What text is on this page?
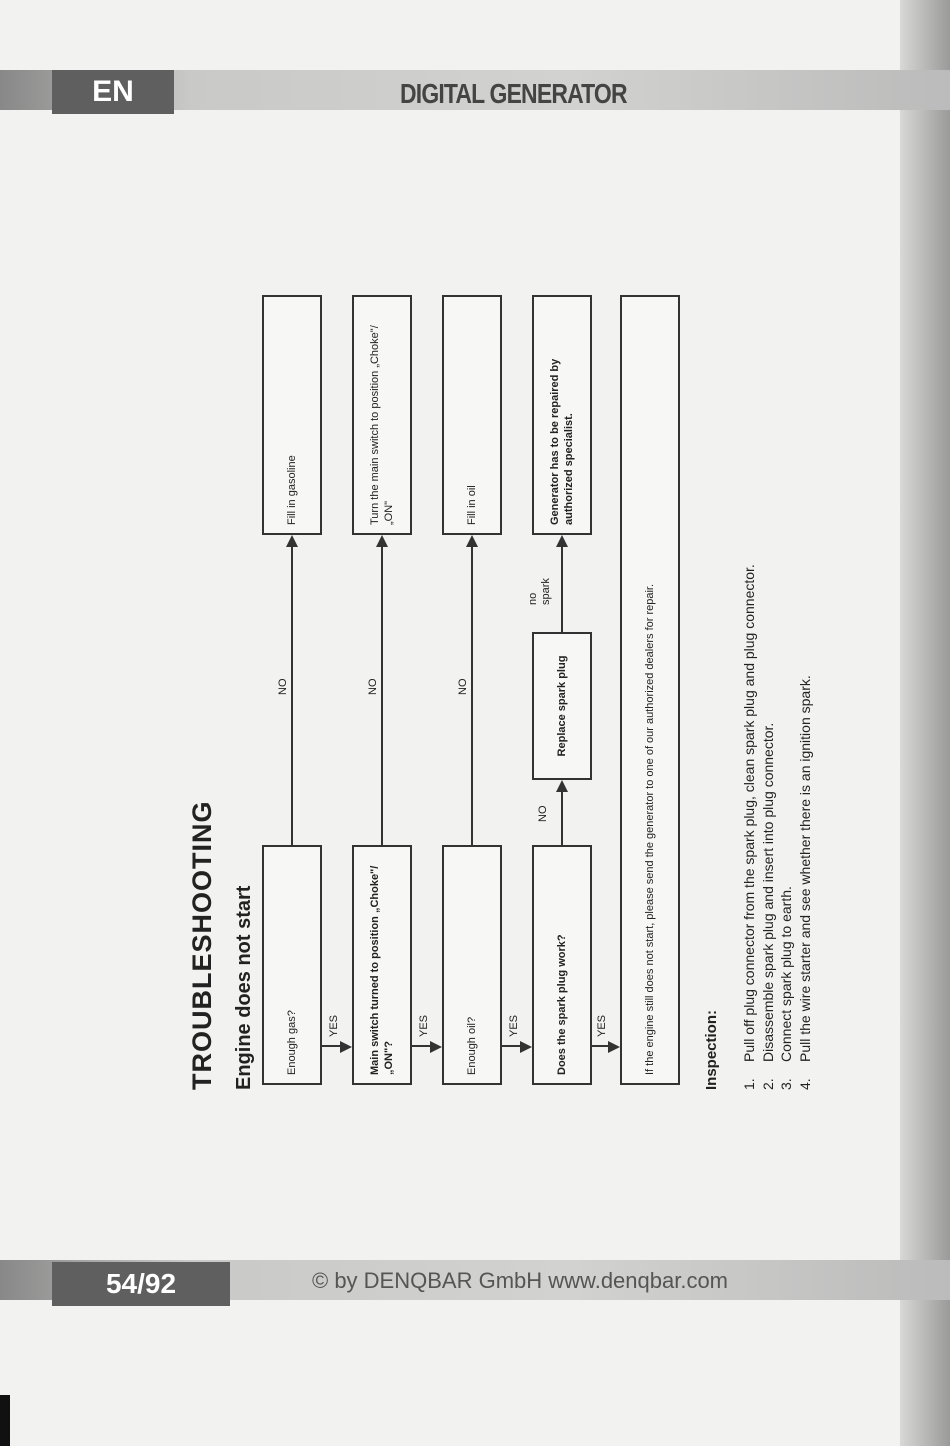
EN	DIGITAL GENERATOR
54/92	© by DENQBAR GmbH www.denqbar.com
TROUBLESHOOTING Engine does not start	Enough gas?	Main switch turned to position „Choke"/„ON"?	Enough oil?	Does the spark plug work?	If the engine still does not start, please send the generator to one of our authorized dealers for repair.
YES	YES	YES	YES
Fill in gasoline	Turn the main switch to position „Choke"/„ON"	Fill in oil
Replace spark plug
Generator has to be repaired by authorized specialist.
NO	NO	NO
NO
no spark
Inspection: 1.Pull off plug connector from the spark plug, clean spark plug and plug connector.
2.Disassemble spark plug and insert into plug connector.
3.Connect spark plug to earth.
4.Pull the wire starter and see whether there is an ignition spark.
